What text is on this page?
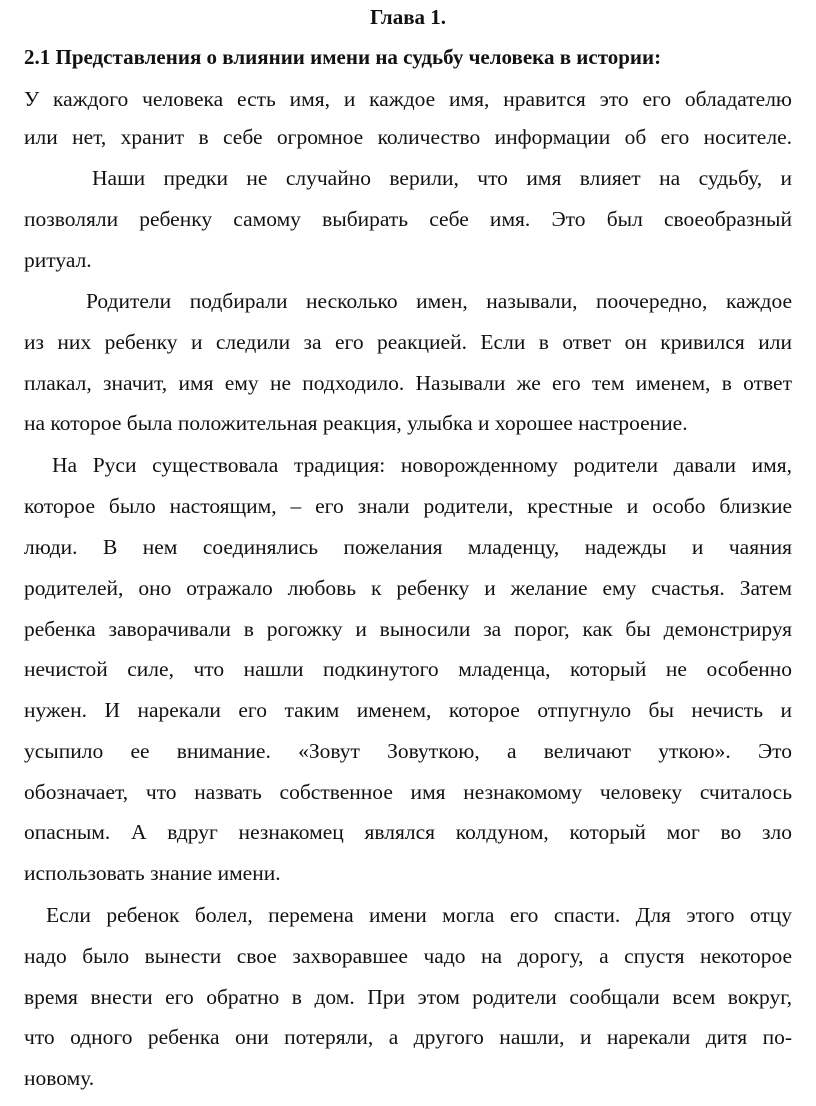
Глава 1.
2.1 Представления о влиянии имени на судьбу человека в истории:

У каждого человека есть имя, и каждое имя, нравится это его обладателю

или нет, хранит в себе огромное количество информации об его носителе.

Наши предки не случайно верили, что имя влияет на судьбу, и

позволяли ребенку самому выбирать себе имя. Это был своеобразный

ритуал.

Родители подбирали несколько имен, называли, поочередно, каждое

из них ребенку и следили за его реакцией. Если в ответ он кривился или

плакал, значит, имя ему не подходило. Называли же его тем именем, в ответ

на которое была положительная реакция, улыбка и хорошее настроение.

На Руси существовала традиция: новорожденному родители давали имя,

которое было настоящим, – его знали родители, крестные и особо близкие

люди. В нем соединялись пожелания младенцу, надежды и чаяния

родителей, оно отражало любовь к ребенку и желание ему счастья. Затем

ребенка заворачивали в рогожку и выносили за порог, как бы демонстрируя

нечистой силе, что нашли подкинутого младенца, который не особенно

нужен. И нарекали его таким именем, которое отпугнуло бы нечисть и

усыпило ее внимание. «Зовут Зовуткою, а величают уткою». Это

обозначает, что назвать собственное имя незнакомому человеку считалось

опасным. А вдруг незнакомец являлся колдуном, который мог во зло

использовать знание имени.

Если ребенок болел, перемена имени могла его спасти. Для этого отцу

надо было вынести свое захворавшее чадо на дорогу, а спустя некоторое

время внести его обратно в дом. При этом родители сообщали всем вокруг,

что одного ребенка они потеряли, а другого нашли, и нарекали дитя по-

новому.
